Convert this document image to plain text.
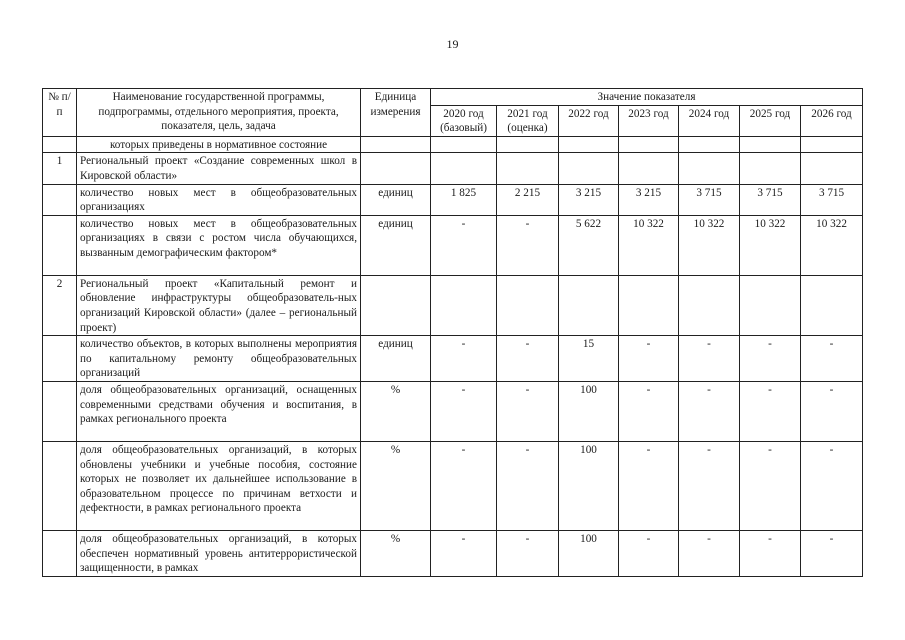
19
№ п/п	Наименование государственной программы, подпрограммы, отдельного мероприятия, проекта, показателя, цель, задача	Единица измерения	Значение показателя						
			2020 год (базовый)	2021 год (оценка)	2022 год	2023 год	2024 год	2025 год	2026 год
	которых приведены в нормативное состояние								
1	Региональный проект «Создание современных школ в Кировской области»								
	количество новых мест в общеобразовательных организациях	единиц	1 825	2 215	3 215	3 215	3 715	3 715	3 715
	количество новых мест в общеобразовательных организациях в связи с ростом числа обучающихся, вызванным демографическим фактором*	единиц	-	-	5 622	10 322	10 322	10 322	10 322
2	Региональный проект «Капитальный ремонт и обновление инфраструктуры общеобразователь-ных организаций Кировской области» (далее – региональный проект)								
	количество объектов, в которых выполнены мероприятия по капитальному ремонту общеобразовательных организаций	единиц	-	-	15	-	-	-	-
	доля общеобразовательных организаций, оснащенных современными средствами обучения и воспитания, в рамках регионального проекта	%	-	-	100	-	-	-	-
	доля общеобразовательных организаций, в которых обновлены учебники и учебные пособия, состояние которых не позволяет их дальнейшее использование в образовательном процессе по причинам ветхости и дефектности, в рамках регионального проекта	%	-	-	100	-	-	-	-
	доля общеобразовательных организаций, в которых обеспечен нормативный уровень антитеррористической защищенности, в рамках	%	-	-	100	-	-	-	-
